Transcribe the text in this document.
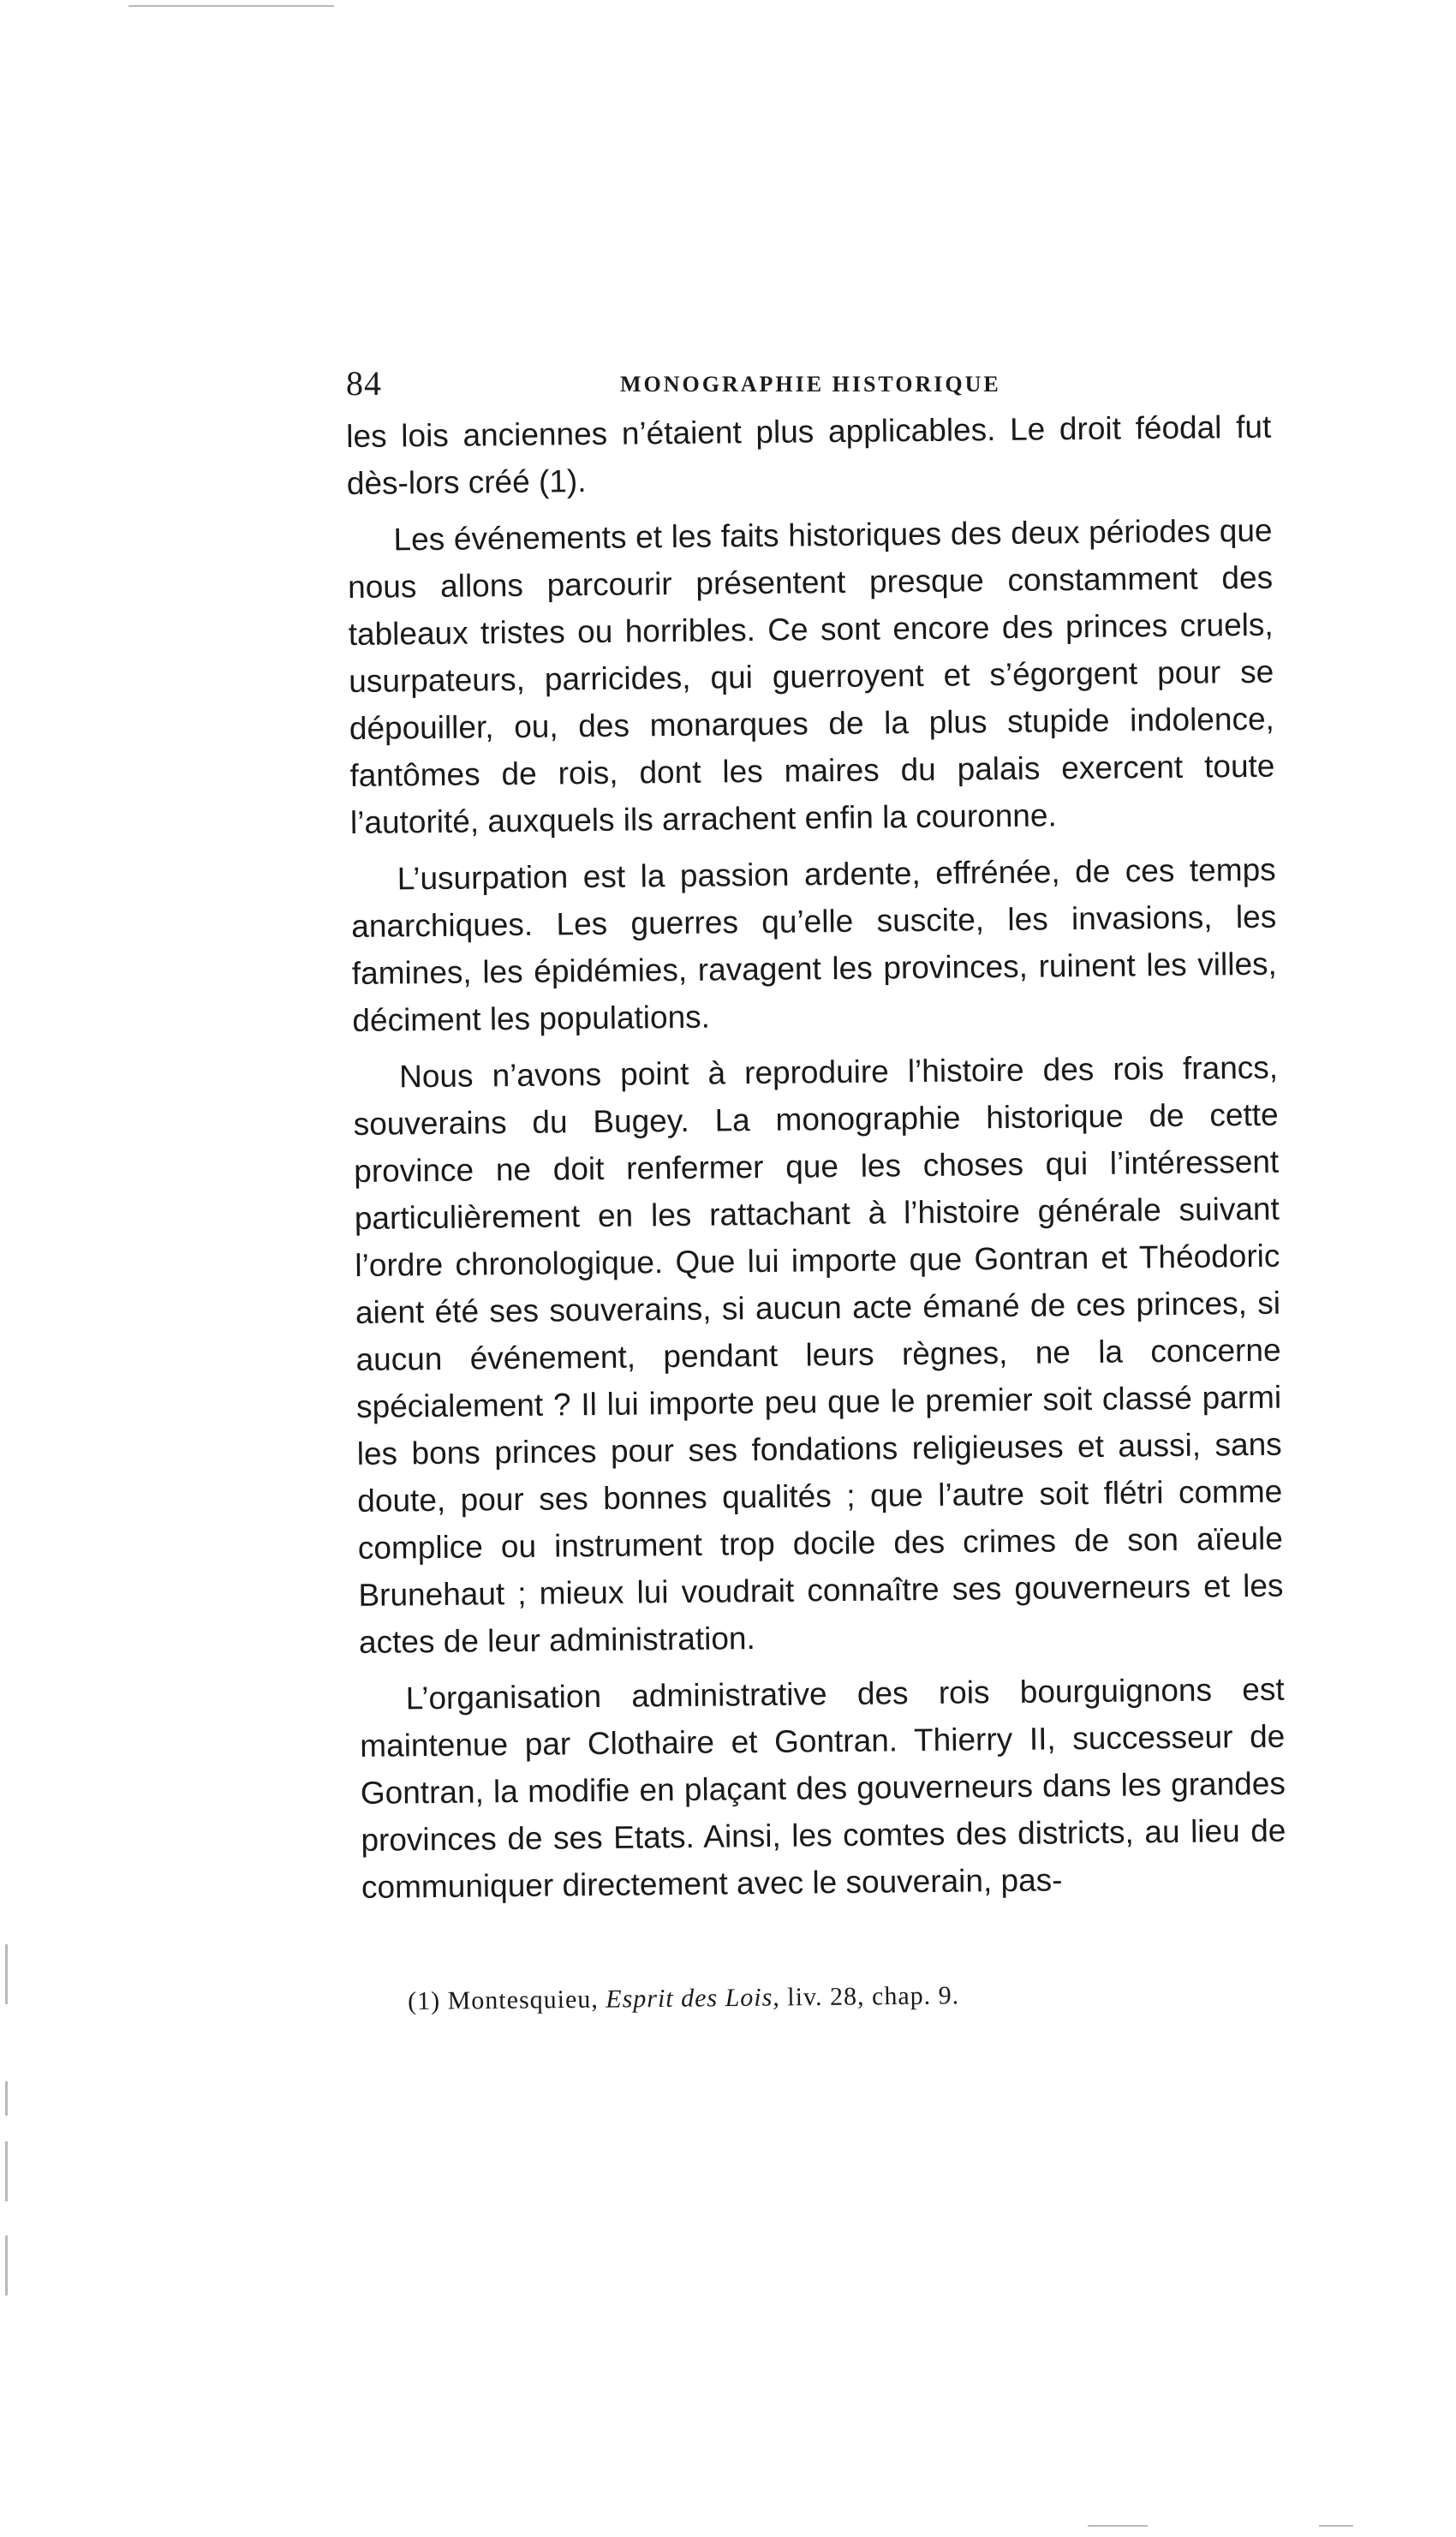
84	MONOGRAPHIE HISTORIQUE

les lois anciennes n’étaient plus applicables. Le droit féodal fut dès-lors créé (1).

Les événements et les faits historiques des deux périodes que nous allons parcourir présentent presque constamment des tableaux tristes ou horribles. Ce sont encore des princes cruels, usurpateurs, parricides, qui guerroyent et s’égorgent pour se dépouiller, ou, des monarques de la plus stupide indolence, fantômes de rois, dont les maires du palais exercent toute l’autorité, auxquels ils arrachent enfin la couronne.

L’usurpation est la passion ardente, effrénée, de ces temps anarchiques. Les guerres qu’elle suscite, les invasions, les famines, les épidémies, ravagent les provinces, ruinent les villes, déciment les populations.

Nous n’avons point à reproduire l’histoire des rois francs, souverains du Bugey. La monographie historique de cette province ne doit renfermer que les choses qui l’intéressent particulièrement en les rattachant à l’histoire générale suivant l’ordre chronologique. Que lui importe que Gontran et Théodoric aient été ses souverains, si aucun acte émané de ces princes, si aucun événement, pendant leurs règnes, ne la concerne spécialement ? Il lui importe peu que le premier soit classé parmi les bons princes pour ses fondations religieuses et aussi, sans doute, pour ses bonnes qualités ; que l’autre soit flétri comme complice ou instrument trop docile des crimes de son aïeule Brunehaut ; mieux lui voudrait connaître ses gouverneurs et les actes de leur administration.

L’organisation administrative des rois bourguignons est maintenue par Clothaire et Gontran. Thierry II, successeur de Gontran, la modifie en plaçant des gouverneurs dans les grandes provinces de ses Etats. Ainsi, les comtes des districts, au lieu de communiquer directement avec le souverain, pas-

(1) Montesquieu, Esprit des Lois, liv. 28, chap. 9.
